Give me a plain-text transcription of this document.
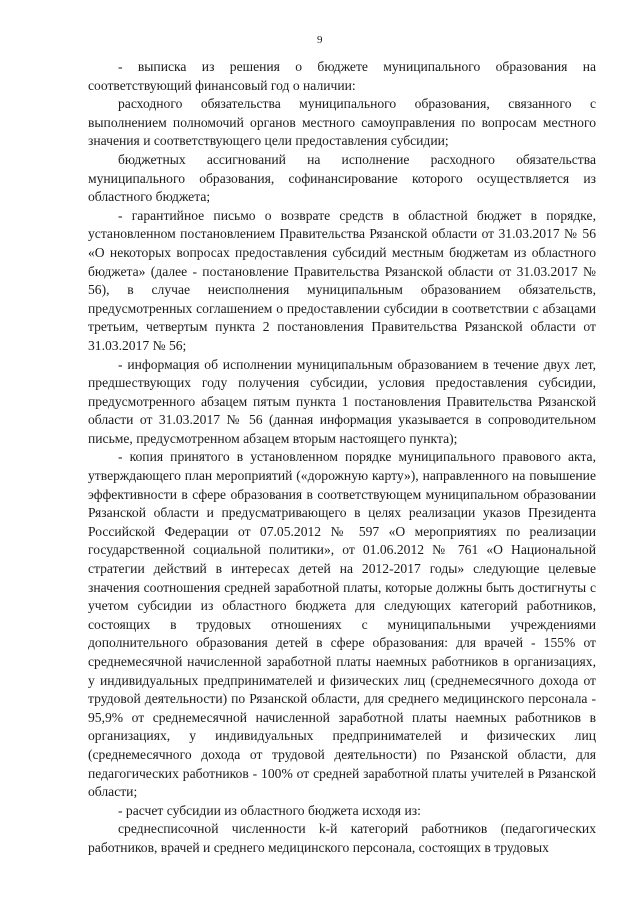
9

- выписка из решения о бюджете муниципального образования на соответствующий финансовый год о наличии:

расходного обязательства муниципального образования, связанного с выполнением полномочий органов местного самоуправления по вопросам местного значения и соответствующего цели предоставления субсидии;

бюджетных ассигнований на исполнение расходного обязательства муниципального образования, софинансирование которого осуществляется из областного бюджета;

- гарантийное письмо о возврате средств в областной бюджет в порядке, установленном постановлением Правительства Рязанской области от 31.03.2017 № 56 «О некоторых вопросах предоставления субсидий местным бюджетам из областного бюджета» (далее - постановление Правительства Рязанской области от 31.03.2017 № 56), в случае неисполнения муниципальным образованием обязательств, предусмотренных соглашением о предоставлении субсидии в соответствии с абзацами третьим, четвертым пункта 2 постановления Правительства Рязанской области от 31.03.2017 № 56;

- информация об исполнении муниципальным образованием в течение двух лет, предшествующих году получения субсидии, условия предоставления субсидии, предусмотренного абзацем пятым пункта 1 постановления Правительства Рязанской области от 31.03.2017 № 56 (данная информация указывается в сопроводительном письме, предусмотренном абзацем вторым настоящего пункта);

- копия принятого в установленном порядке муниципального правового акта, утверждающего план мероприятий («дорожную карту»), направленного на повышение эффективности в сфере образования в соответствующем муниципальном образовании Рязанской области и предусматривающего в целях реализации указов Президента Российской Федерации от 07.05.2012 № 597 «О мероприятиях по реализации государственной социальной политики», от 01.06.2012 № 761 «О Национальной стратегии действий в интересах детей на 2012-2017 годы» следующие целевые значения соотношения средней заработной платы, которые должны быть достигнуты с учетом субсидии из областного бюджета для следующих категорий работников, состоящих в трудовых отношениях с муниципальными учреждениями дополнительного образования детей в сфере образования: для врачей - 155% от среднемесячной начисленной заработной платы наемных работников в организациях, у индивидуальных предпринимателей и физических лиц (среднемесячного дохода от трудовой деятельности) по Рязанской области, для среднего медицинского персонала - 95,9% от среднемесячной начисленной заработной платы наемных работников в организациях, у индивидуальных предпринимателей и физических лиц (среднемесячного дохода от трудовой деятельности) по Рязанской области, для педагогических работников - 100% от средней заработной платы учителей в Рязанской области;

- расчет субсидии из областного бюджета исходя из:

среднесписочной численности k-й категорий работников (педагогических работников, врачей и среднего медицинского персонала, состоящих в трудовых
